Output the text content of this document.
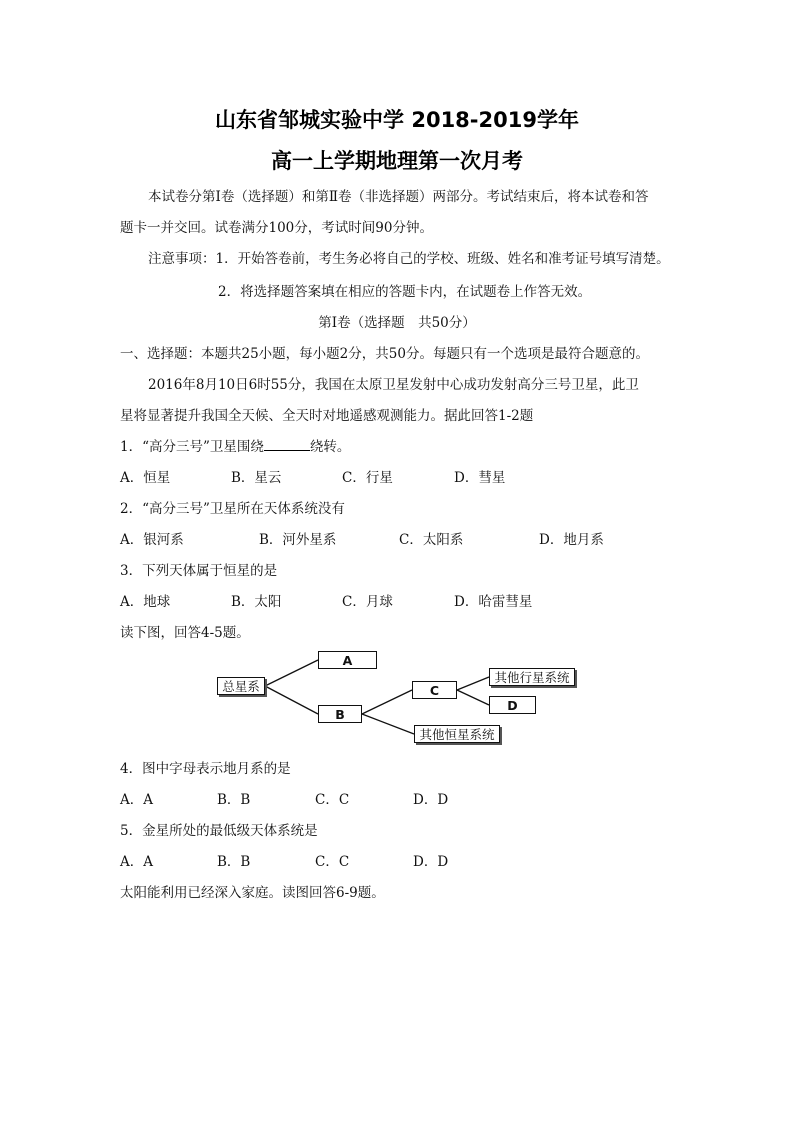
山东省邹城实验中学 2018-2019学年
高一上学期地理第一次月考
本试卷分第Ⅰ卷（选择题）和第Ⅱ卷（非选择题）两部分。考试结束后，将本试卷和答
题卡一并交回。试卷满分100分，考试时间90分钟。
注意事项：1．开始答卷前，考生务必将自己的学校、班级、姓名和准考证号填写清楚。
2．将选择题答案填在相应的答题卡内，在试题卷上作答无效。
第Ⅰ卷（选择题　共50分）
一、选择题：本题共25小题，每小题2分，共50分。每题只有一个选项是最符合题意的。
2016年8月10日6时55分，我国在太原卫星发射中心成功发射高分三号卫星，此卫
星将显著提升我国全天候、全天时对地遥感观测能力。据此回答1-2题
1．“高分三号”卫星围绕	绕转。
A．恒星	B．星云	C．行星	D．彗星
2．“高分三号”卫星所在天体系统没有
A．银河系	B．河外星系	C．太阳系	D．地月系
3．下列天体属于恒星的是
A．地球	B．太阳	C．月球	D．哈雷彗星
读下图，回答4-5题。
总星系
A
B
C
D
其他行星系统
其他恒星系统
4．图中字母表示地月系的是
A．A	B．B	C．C	D．D
5．金星所处的最低级天体系统是
A．A	B．B	C．C	D．D
太阳能利用已经深入家庭。读图回答6-9题。
